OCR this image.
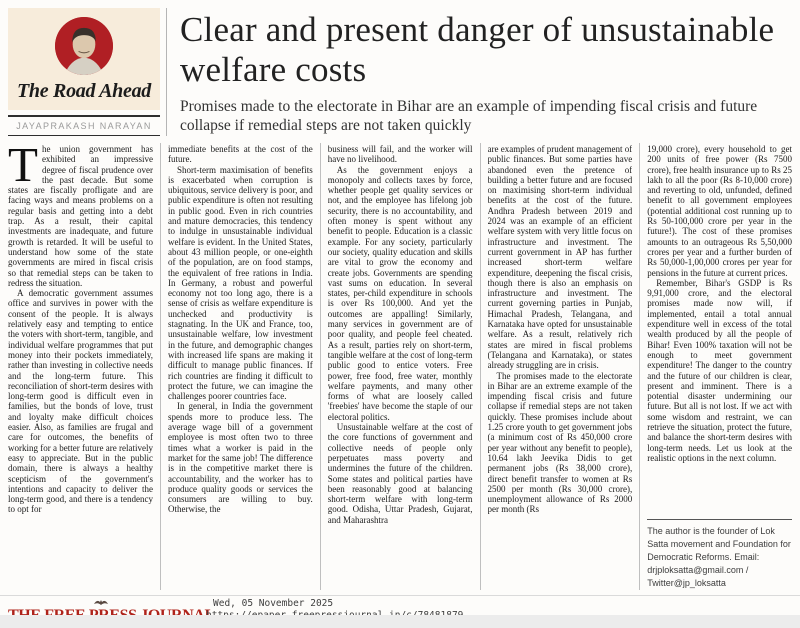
The Road Ahead
JAYAPRAKASH NARAYAN
Clear and present danger of unsustainable welfare costs

Promises made to the electorate in Bihar are an example of impending fiscal crisis and future collapse if remedial steps are not taken quickly

The union government has exhibited an impressive degree of fiscal prudence over the past decade. But some states are fiscally profligate and are facing ways and means problems on a regular basis and getting into a debt trap. As a result, their capital investments are inadequate, and future growth is retarded. It will be useful to understand how some of the state governments are mired in fiscal crisis so that remedial steps can be taken to redress the situation.

A democratic government assumes office and survives in power with the consent of the people. It is always relatively easy and tempting to entice the voters with short-term, tangible, and individual welfare programmes that put money into their pockets immediately, rather than investing in collective needs and the long-term future. This reconciliation of short-term desires with long-term good is difficult even in families, but the bonds of love, trust and loyalty make difficult choices easier. Also, as families are frugal and care for outcomes, the benefits of working for a better future are relatively easy to appreciate. But in the public domain, there is always a healthy scepticism of the government's intentions and capacity to deliver the long-term good, and there is a tendency to opt for

immediate benefits at the cost of the future.

Short-term maximisation of benefits is exacerbated when corruption is ubiquitous, service delivery is poor, and public expenditure is often not resulting in public good. Even in rich countries and mature democracies, this tendency to indulge in unsustainable individual welfare is evident. In the United States, about 43 million people, or one-eighth of the population, are on food stamps, the equivalent of free rations in India. In Germany, a robust and powerful economy not too long ago, there is a sense of crisis as welfare expenditure is unchecked and productivity is stagnating. In the UK and France, too, unsustainable welfare, low investment in the future, and demographic changes with increased life spans are making it difficult to manage public finances. If rich countries are finding it difficult to protect the future, we can imagine the challenges poorer countries face.

In general, in India the government spends more to produce less. The average wage bill of a government employee is most often two to three times what a worker is paid in the market for the same job! The difference is in the competitive market there is accountability, and the worker has to produce quality goods or services the consumers are willing to buy. Otherwise, the

business will fail, and the worker will have no livelihood.

As the government enjoys a monopoly and collects taxes by force, whether people get quality services or not, and the employee has lifelong job security, there is no accountability, and often money is spent without any benefit to people. Education is a classic example. For any society, particularly our society, quality education and skills are vital to grow the economy and create jobs. Governments are spending vast sums on education. In several states, per-child expenditure in schools is over Rs 100,000. And yet the outcomes are appalling! Similarly, many services in government are of poor quality, and people feel cheated. As a result, parties rely on short-term, tangible welfare at the cost of long-term public good to entice voters. Free power, free food, free water, monthly welfare payments, and many other forms of what are loosely called 'freebies' have become the staple of our electoral politics.

Unsustainable welfare at the cost of the core functions of government and collective needs of people only perpetuates mass poverty and undermines the future of the children. Some states and political parties have been reasonably good at balancing short-term welfare with long-term good. Odisha, Uttar Pradesh, Gujarat, and Maharashtra

are examples of prudent management of public finances. But some parties have abandoned even the pretence of building a better future and are focused on maximising short-term individual benefits at the cost of the future. Andhra Pradesh between 2019 and 2024 was an example of an efficient welfare system with very little focus on infrastructure and investment. The current government in AP has further increased short-term welfare expenditure, deepening the fiscal crisis, though there is also an emphasis on infrastructure and investment. The current governing parties in Punjab, Himachal Pradesh, Telangana, and Karnataka have opted for unsustainable welfare. As a result, relatively rich states are mired in fiscal problems (Telangana and Karnataka), or states already struggling are in crisis.

The promises made to the electorate in Bihar are an extreme example of the impending fiscal crisis and future collapse if remedial steps are not taken quickly. These promises include about 1.25 crore youth to get government jobs (a minimum cost of Rs 450,000 crore per year without any benefit to people), 10.64 lakh Jeevika Didis to get permanent jobs (Rs 38,000 crore), direct benefit transfer to women at Rs 2500 per month (Rs 30,000 crore), unemployment allowance of Rs 2000 per month (Rs

19,000 crore), every household to get 200 units of free power (Rs 7500 crore), free health insurance up to Rs 25 lakh to all the poor (Rs 8-10,000 crore) and reverting to old, unfunded, defined benefit to all government employees (potential additional cost running up to Rs 50-100,000 crore per year in the future!). The cost of these promises amounts to an outrageous Rs 5,50,000 crores per year and a further burden of Rs 50,000-1,00,000 crores per year for pensions in the future at current prices.

Remember, Bihar's GSDP is Rs 9,91,000 crore, and the electoral promises made now will, if implemented, entail a total annual expenditure well in excess of the total wealth produced by all the people of Bihar! Even 100% taxation will not be enough to meet government expenditure! The danger to the country and the future of our children is clear, present and imminent. There is a potential disaster undermining our future. But all is not lost. If we act with some wisdom and restraint, we can retrieve the situation, protect the future, and balance the short-term desires with long-term needs. Let us look at the realistic options in the next column.

The author is the founder of Lok Satta movement and Foundation for Democratic Reforms. Email: drjploksatta@gmail.com / Twitter@jp_loksatta
Wed, 05 November 2025
